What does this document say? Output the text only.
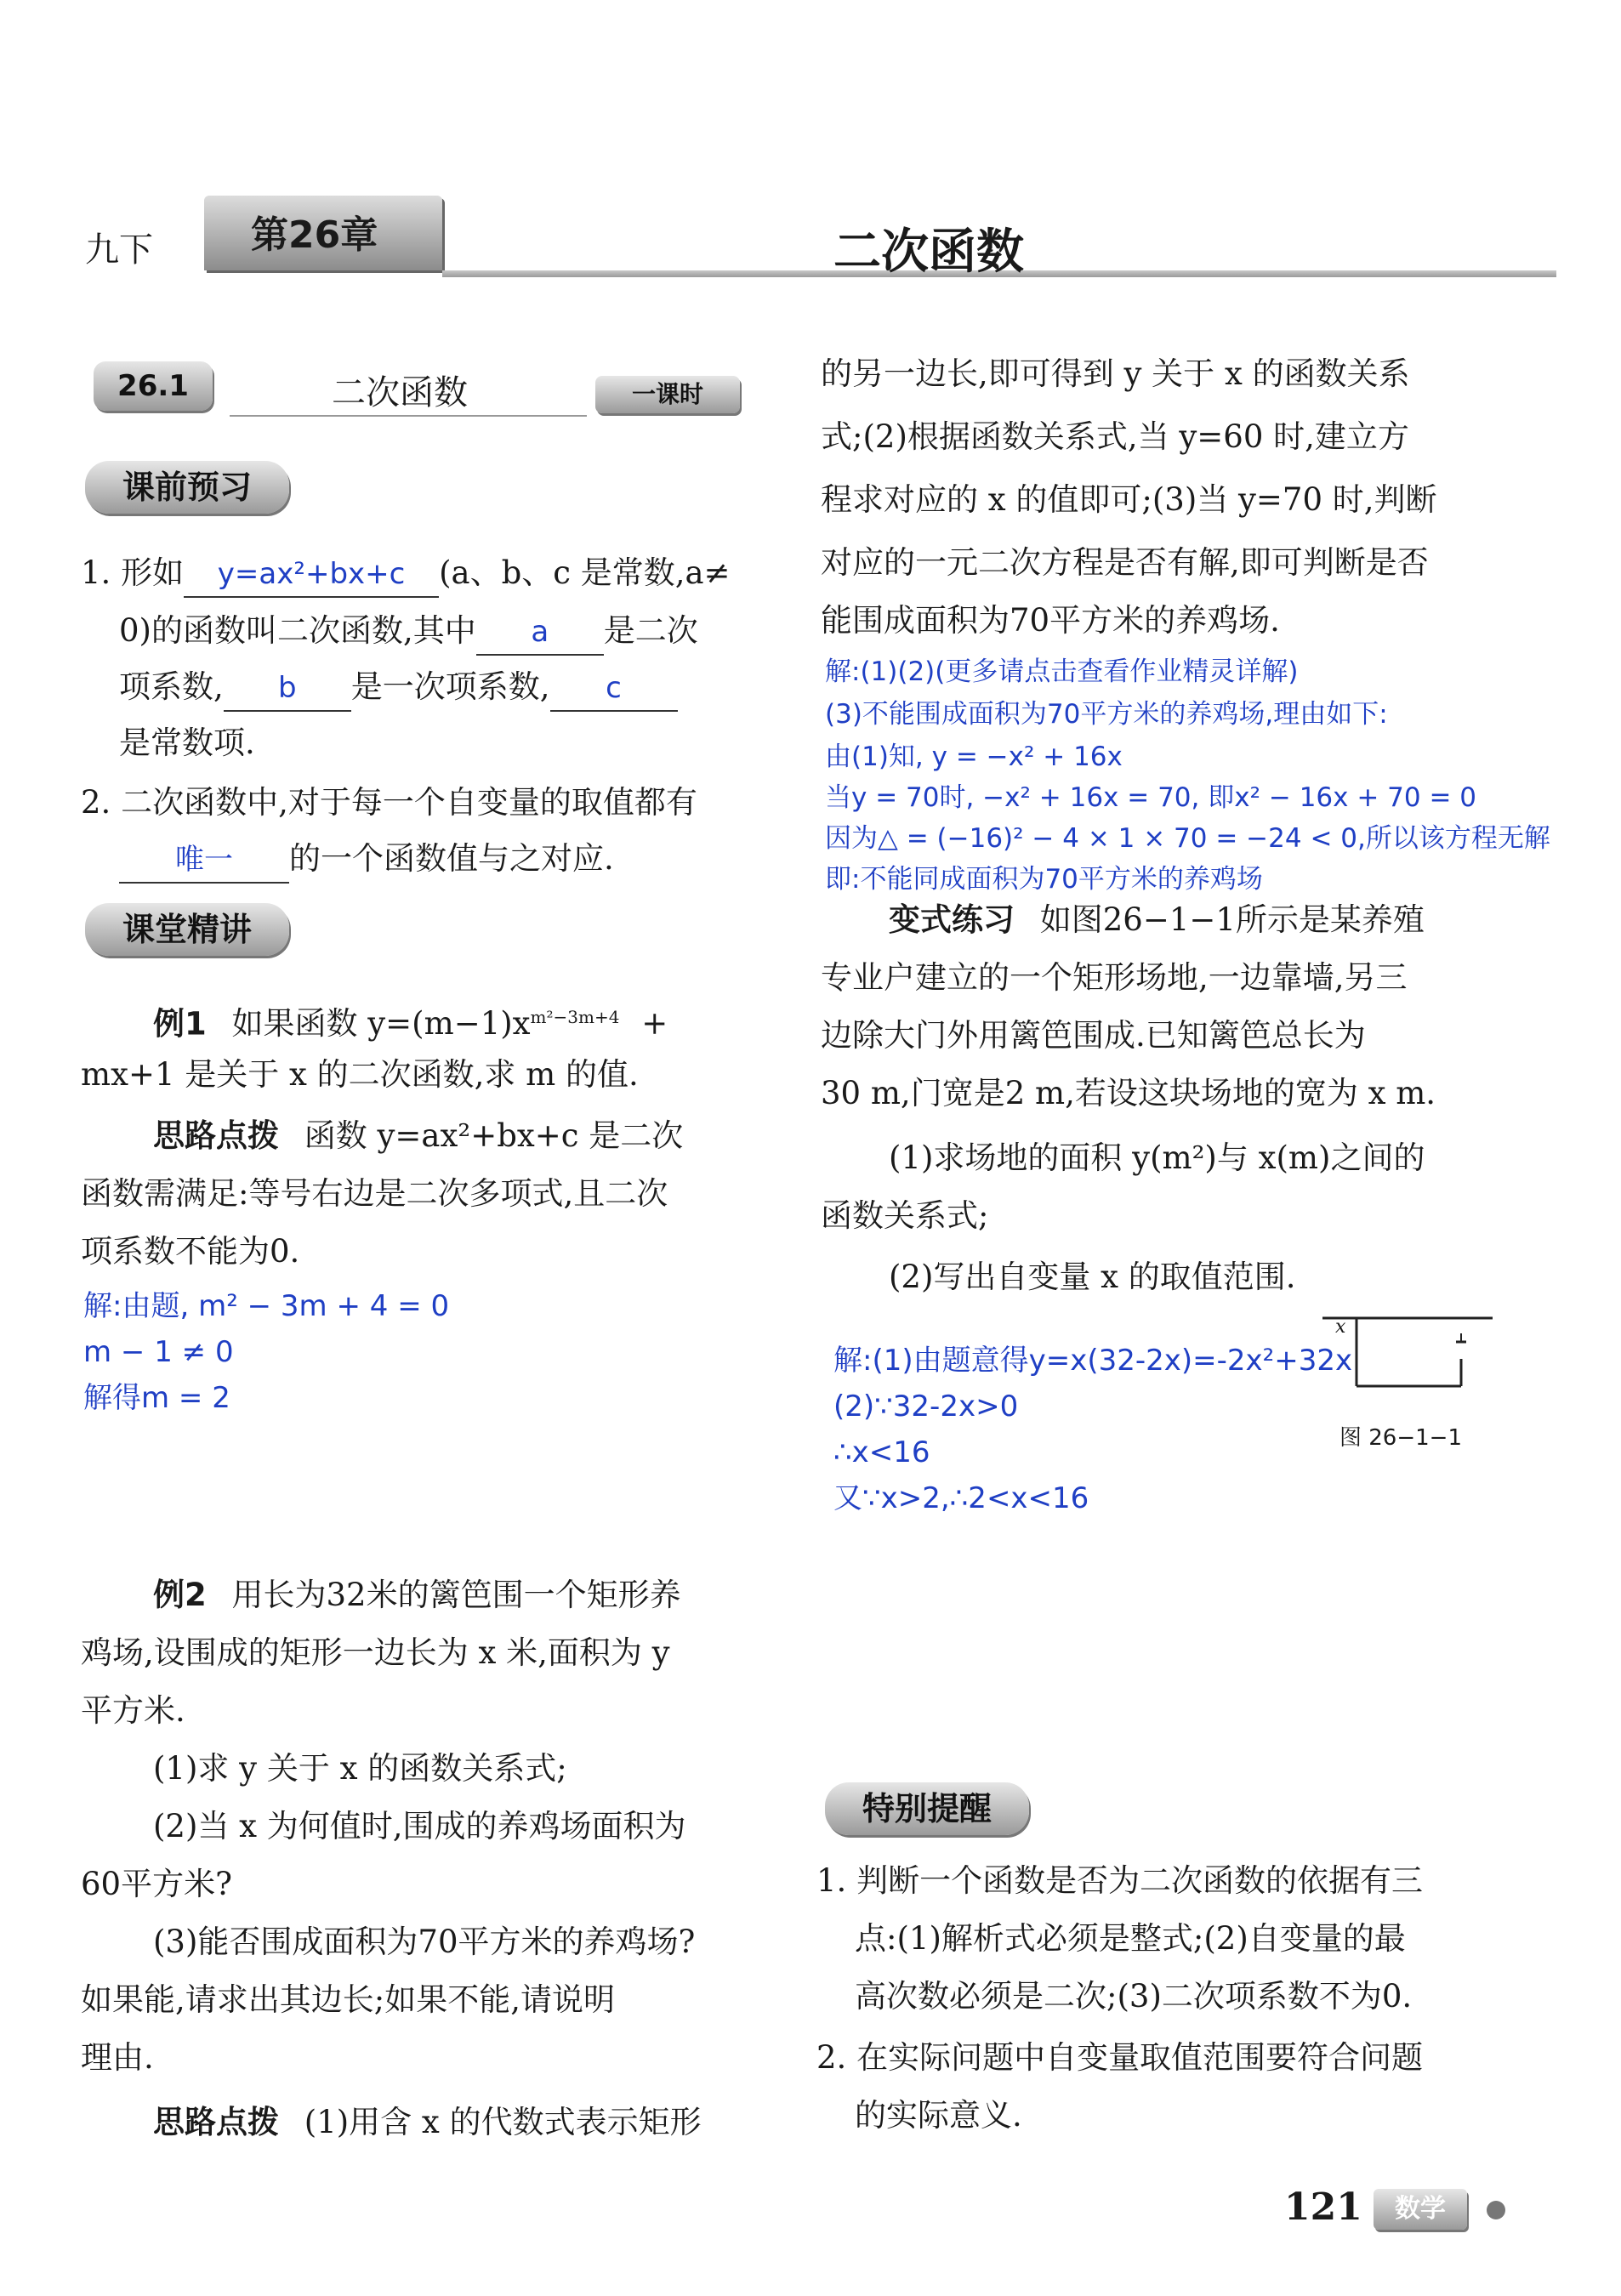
九下	第26章	二次函数
26.1	二次函数	一课时
课前预习
1. 形如 y=ax²+bx+c (a、b、c 是常数,a≠
0)的函数叫二次函数,其中 a 是二次
项系数, b 是一次项系数, c
是常数项.
2. 二次函数中,对于每一个自变量的取值都有
唯一 的一个函数值与之对应.
课堂精讲
例1 如果函数 $y=(m-1)x^{m^2-3m+4}$ +
mx+1 是关于 x 的二次函数,求 m 的值.
思路点拨 函数 y=ax²+bx+c 是二次
函数需满足:等号右边是二次多项式,且二次
项系数不能为0.
解:由题, m² − 3m + 4 = 0
m − 1 ≠ 0
解得m = 2
例2 用长为32米的篱笆围一个矩形养
鸡场,设围成的矩形一边长为 x 米,面积为 y
平方米.
(1)求 y 关于 x 的函数关系式;
(2)当 x 为何值时,围成的养鸡场面积为
60平方米?
(3)能否围成面积为70平方米的养鸡场?
如果能,请求出其边长;如果不能,请说明
理由.
思路点拨 (1)用含 x 的代数式表示矩形
的另一边长,即可得到 y 关于 x 的函数关系
式;(2)根据函数关系式,当 y=60 时,建立方
程求对应的 x 的值即可;(3)当 y=70 时,判断
对应的一元二次方程是否有解,即可判断是否
能围成面积为70平方米的养鸡场.
解:(1)(2)(更多请点击查看作业精灵详解)
(3)不能围成面积为70平方米的养鸡场,理由如下:
由(1)知, y = −x² + 16x
当y = 70时, −x² + 16x = 70, 即x² − 16x + 70 = 0
因为△ = (−16)² − 4 × 1 × 70 = −24 < 0,所以该方程无解
即:不能同成面积为70平方米的养鸡场
变式练习 如图26−1−1所示是某养殖
专业户建立的一个矩形场地,一边靠墙,另三
边除大门外用篱笆围成.已知篱笆总长为
30 m,门宽是2 m,若设这块场地的宽为 x m.
(1)求场地的面积 y(m²)与 x(m)之间的
函数关系式;
(2)写出自变量 x 的取值范围.
解:(1)由题意得y=x(32-2x)=-2x²+32x
(2)∵32-2x>0
∴x<16
又∵x>2,∴2<x<16
x
图 26−1−1
特别提醒
1. 判断一个函数是否为二次函数的依据有三
点:(1)解析式必须是整式;(2)自变量的最
高次数必须是二次;(3)二次项系数不为0.
2. 在实际问题中自变量取值范围要符合问题
的实际意义.
121	数学
